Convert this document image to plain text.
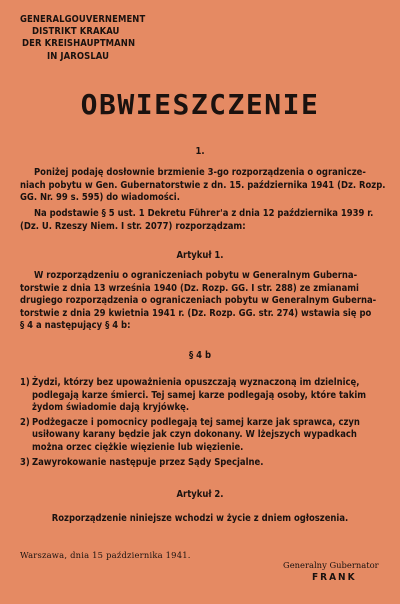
GENERALGOUVERNEMENT
DISTRIKT KRAKAU
DER KREISHAUPTMANN
IN JAROSLAU
OBWIESZCZENIE
1.
Poniżej podaję dosłownie brzmienie 3-go rozporządzenia o ogranicze-
niach pobytu w Gen. Gubernatorstwie z dn. 15. października 1941 (Dz. Rozp.
GG. Nr. 99 s. 595) do wiadomości.
Na podstawie § 5 ust. 1 Dekretu Führer'a z dnia 12 października 1939 r.
(Dz. U. Rzeszy Niem. I str. 2077) rozporządzam:
Artykuł 1.
W rozporządzeniu o ograniczeniach pobytu w Generalnym Guberna-
torstwie z dnia 13 września 1940 (Dz. Rozp. GG. I str. 288) ze zmianami
drugiego rozporządzenia o ograniczeniach pobytu w Generalnym Guberna-
torstwie z dnia 29 kwietnia 1941 r. (Dz. Rozp. GG. str. 274) wstawia się po
§ 4 a następujący § 4 b:
§ 4 b
1) Żydzi, którzy bez upoważnienia opuszczają wyznaczoną im dzielnicę,
podlegają karze śmierci. Tej samej karze podlegają osoby, które takim
żydom świadomie dają kryjówkę.
2) Podżegacze i pomocnicy podlegają tej samej karze jak sprawca, czyn
usiłowany karany będzie jak czyn dokonany. W lżejszych wypadkach
można orzec ciężkie więzienie lub więzienie.
3) Zawyrokowanie następuje przez Sądy Specjalne.
Artykuł 2.
Rozporządzenie niniejsze wchodzi w życie z dniem ogłoszenia.
Warszawa, dnia 15 października 1941.
Generalny Gubernator
FRANK
